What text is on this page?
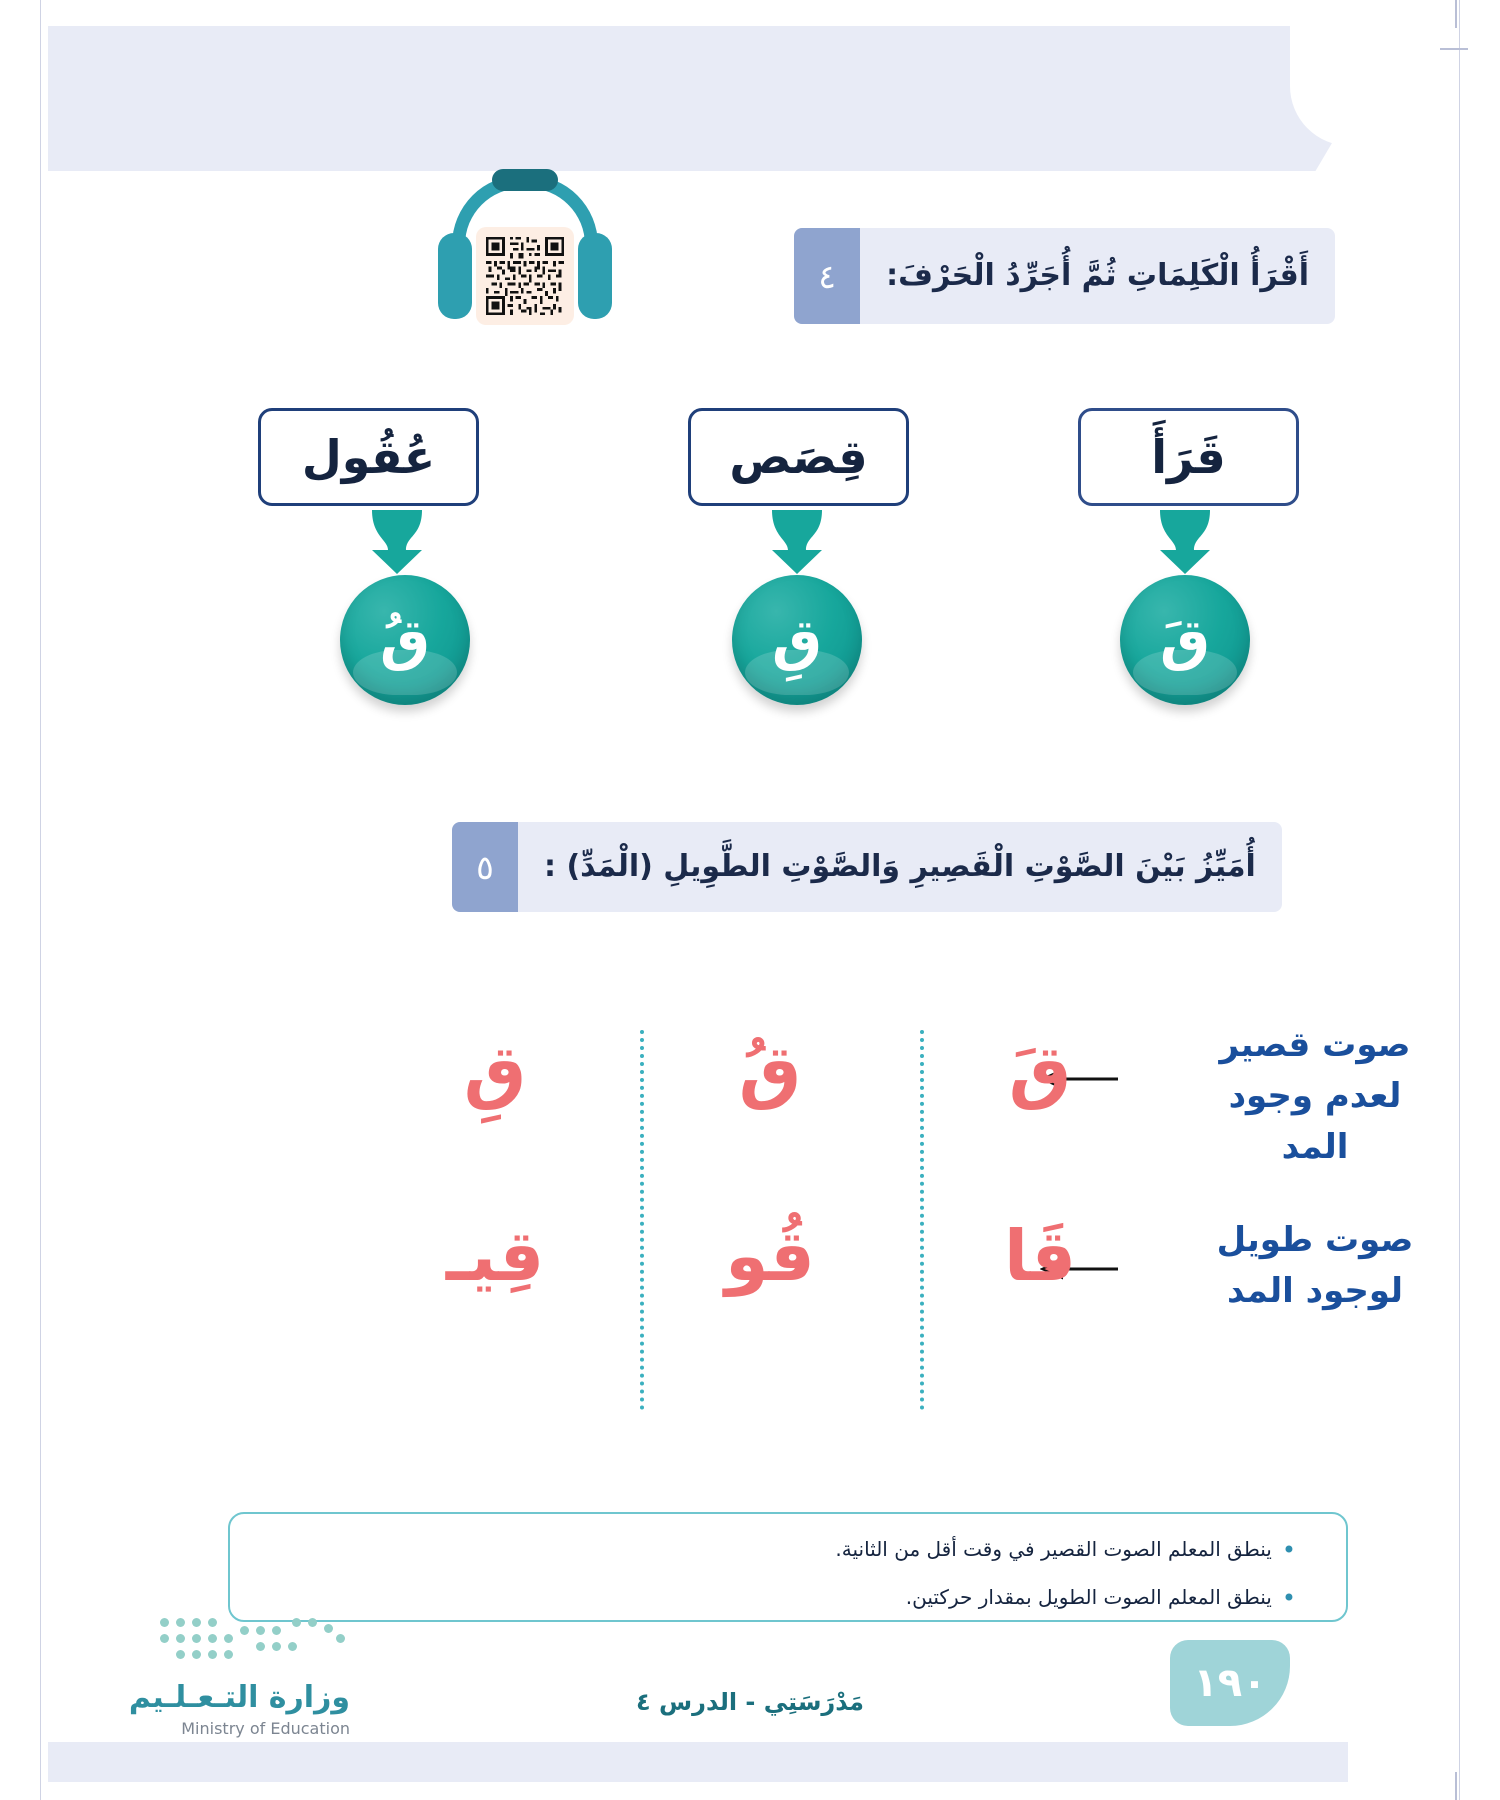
أَقْرَأُ الْكَلِمَاتِ ثُمَّ أُجَرِّدُ الْحَرْفَ:
٤
قَرَأَ
قِصَص
عُقُول
قَ
قِ
قُ
أُمَيِّزُ بَيْنَ الصَّوْتِ الْقَصِيرِ وَالصَّوْتِ الطَّوِيلِ (الْمَدِّ) :
٥
صوت قصير
لعدم وجود المد
قَ
قُ
قِ
صوت طويل
لوجود المد
قَا
قُو
قِيـ
• ينطق المعلم الصوت القصير في وقت أقل من الثانية.
• ينطق المعلم الصوت الطويل بمقدار حركتين.
وزارة التـعـلـيم
Ministry of Education
مَدْرَسَتِي - الدرس ٤	١٩٠
